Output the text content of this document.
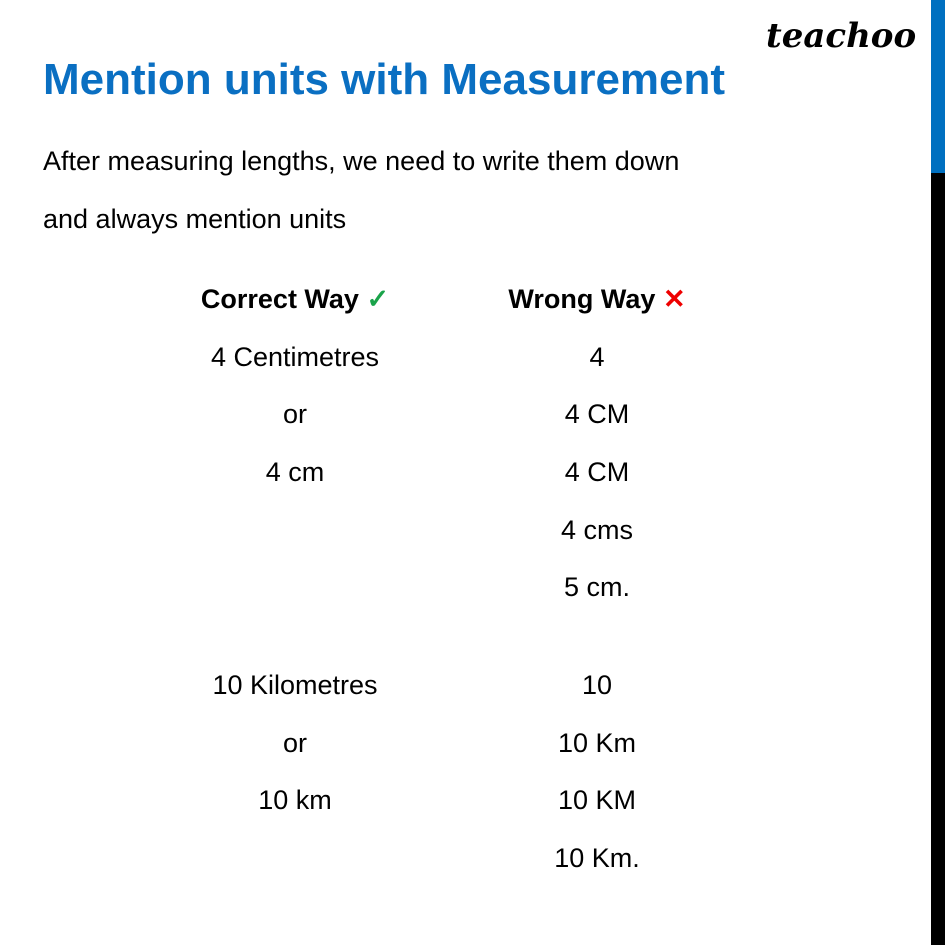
teachoo
Mention units with Measurement
After measuring lengths, we need to write them down
and always mention units
Correct Way ✓	Wrong Way ✕
4 Centimetres
or
4 cm
10 Kilometres
or
10 km
4
4 CM
4 CM
4 cms
5 cm.
10
10 Km
10 KM
10 Km.
